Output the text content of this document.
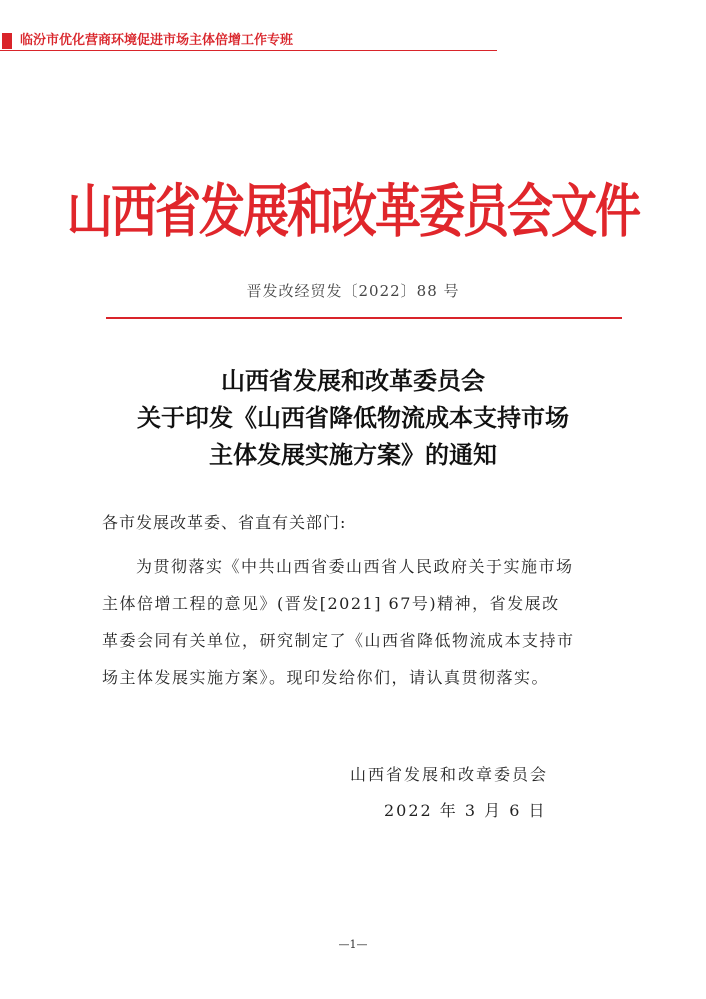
临汾市优化营商环境促进市场主体倍增工作专班
山西省发展和改革委员会文件
晋发改经贸发〔2022〕88 号
山西省发展和改革委员会
关于印发《山西省降低物流成本支持市场
主体发展实施方案》的通知
各市发展改革委、省直有关部门:
为贯彻落实《中共山西省委山西省人民政府关于实施市场
主体倍增工程的意见》(晋发[2021] 67号)精神，省发展改
革委会同有关单位，研究制定了《山西省降低物流成本支持市
场主体发展实施方案》。现印发给你们，请认真贯彻落实。
山西省发展和改章委员会
2022 年 3 月 6 日
—1—
